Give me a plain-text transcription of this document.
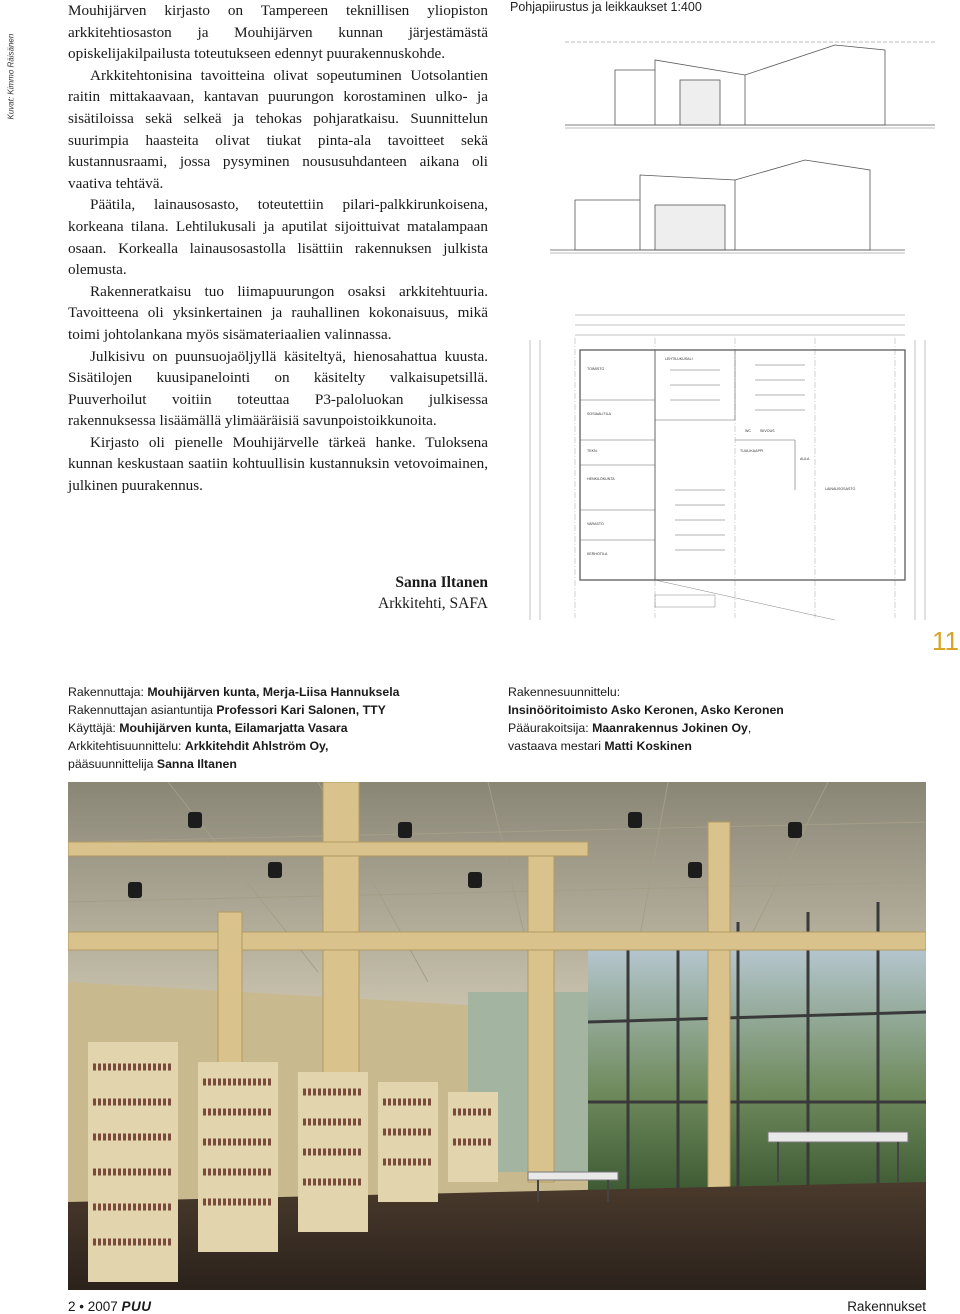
Kuvat: Kimmo Räisänen

Mouhijärven kirjasto on Tampereen teknillisen yliopiston arkkitehtiosaston ja Mouhijärven kunnan järjestämästä opiskelijakilpailusta toteutukseen edennyt puurakennuskohde.

Arkkitehtonisina tavoitteina olivat sopeutuminen Uotsolantien raitin mittakaavaan, kantavan puurungon korostaminen ulko- ja sisätiloissa sekä selkeä ja tehokas pohjaratkaisu. Suunnittelun suurimpia haasteita olivat tiukat pinta-ala tavoitteet sekä kustannusraami, jossa pysyminen noususuhdanteen aikana oli vaativa tehtävä.

Päätila, lainausosasto, toteutettiin pilari-palkkirunkoisena, korkeana tilana. Lehtilukusali ja aputilat sijoittuivat matalampaan osaan. Korkealla lainausosastolla lisättiin rakennuksen julkista olemusta.

Rakenneratkaisu tuo liimapuurungon osaksi arkkitehtuuria. Tavoitteena oli yksinkertainen ja rauhallinen kokonaisuus, mikä toimi johtolankana myös sisämateriaalien valinnassa.

Julkisivu on puunsuojaöljyllä käsiteltyä, hienosahattua kuusta. Sisätilojen kuusipanelointi on käsitelty valkaisupetsillä. Puuverhoilut voitiin toteuttaa P3-paloluokan julkisessa rakennuksessa lisäämällä ylimääräisiä savunpoistoikkunoita.

Kirjasto oli pienelle Mouhijärvelle tärkeä hanke. Tuloksena kunnan keskustaan saatiin kohtuullisin kustannuksin vetovoimainen, julkinen puurakennus.

Sanna Iltanen
Arkkitehti, SAFA
Pohjapiirustus ja leikkaukset 1:400
LEHTILUKUSALI
TOIMISTO
SOSIAALITILA
TEKN.
HENKILÖKUNTA
VARASTO
WC	SIIVOUS
TUULIKAAPPI
AULA
LAINAUSOSASTO
KERHOTILA
11
Rakennuttaja: Mouhijärven kunta, Merja-Liisa Hannuksela
Rakennuttajan asiantuntija Professori Kari Salonen, TTY
Käyttäjä: Mouhijärven kunta, Eilamarjatta Vasara
Arkkitehtisuunnittelu: Arkkitehdit Ahlström Oy,
pääsuunnittelija Sanna Iltanen
Rakennesuunnittelu:
Insinööritoimisto Asko Keronen, Asko Keronen
Pääurakoitsija: Maanrakennus Jokinen Oy,
vastaava mestari Matti Koskinen
2 • 2007 PUU	Rakennukset
